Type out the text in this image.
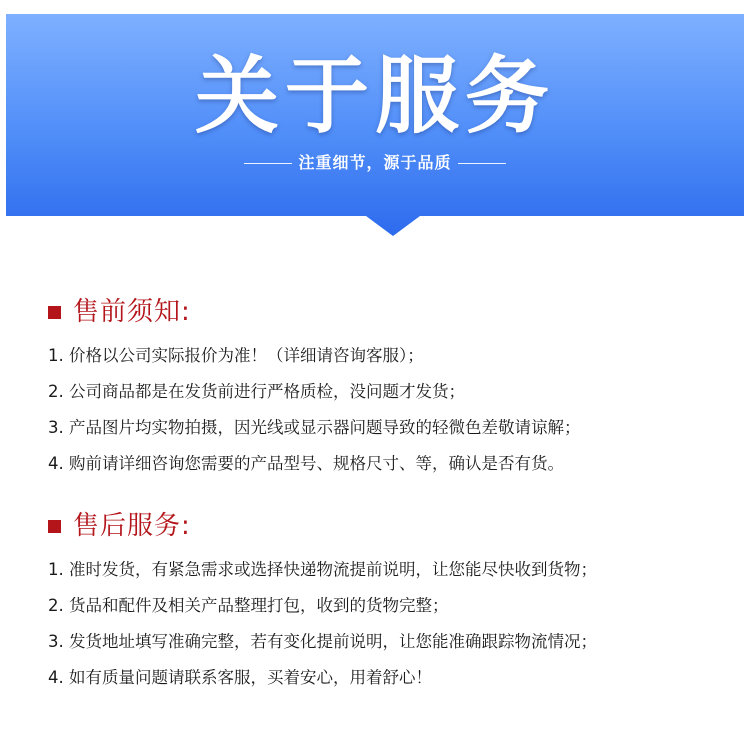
关于服务
注重细节，源于品质
售前须知:
1. 价格以公司实际报价为准！（详细请咨询客服）；
2. 公司商品都是在发货前进行严格质检，没问题才发货；
3. 产品图片均实物拍摄，因光线或显示器问题导致的轻微色差敬请谅解；
4. 购前请详细咨询您需要的产品型号、规格尺寸、等，确认是否有货。
售后服务:
1. 准时发货，有紧急需求或选择快递物流提前说明，让您能尽快收到货物；
2. 货品和配件及相关产品整理打包，收到的货物完整；
3. 发货地址填写准确完整，若有变化提前说明，让您能准确跟踪物流情况；
4. 如有质量问题请联系客服，买着安心，用着舒心！
